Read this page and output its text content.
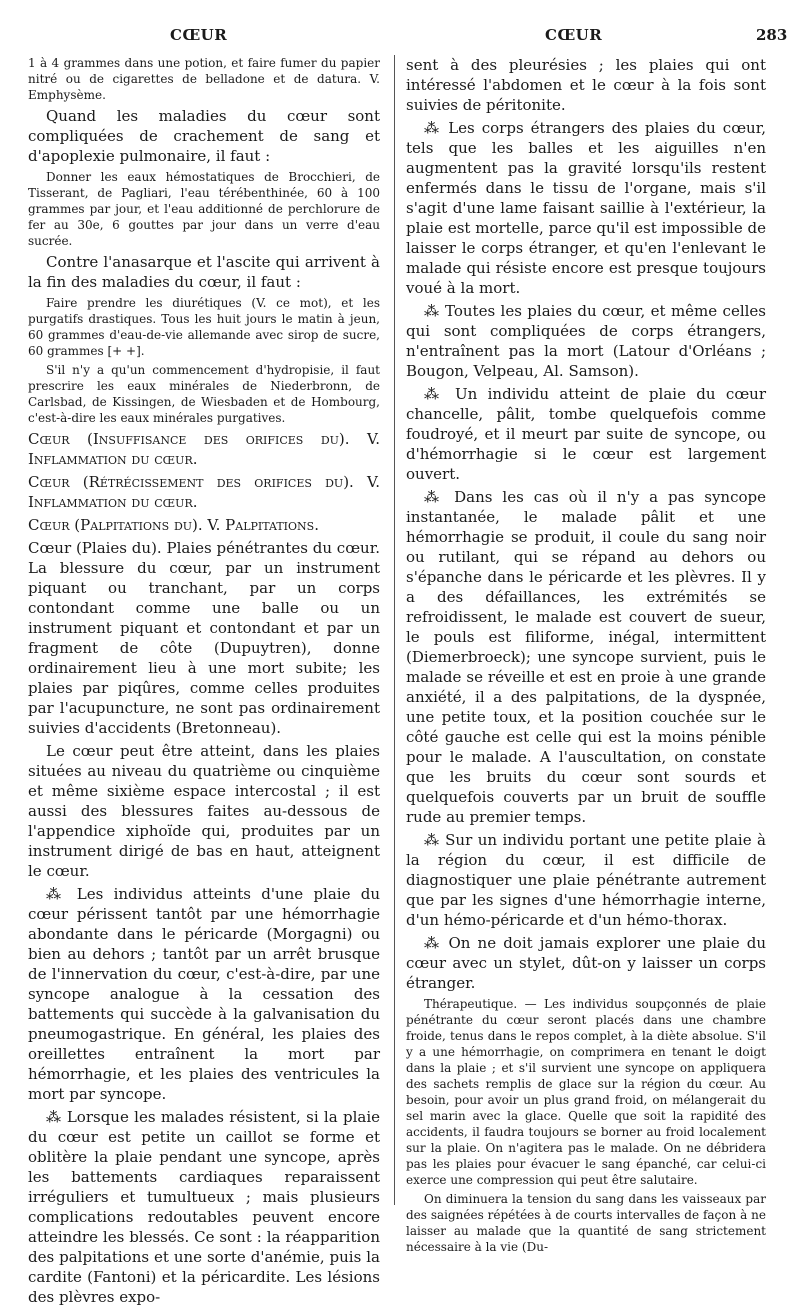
CŒUR	CŒUR	283

1 à 4 grammes dans une potion, et faire fumer du papier nitré ou de cigarettes de belladone et de datura. V. Emphysème.

Quand les maladies du cœur sont compliquées de crachement de sang et d'apoplexie pulmonaire, il faut :

Donner les eaux hémostatiques de Brocchieri, de Tisserant, de Pagliari, l'eau térébenthinée, 60 à 100 grammes par jour, et l'eau additionné de perchlorure de fer au 30e, 6 gouttes par jour dans un verre d'eau sucrée.

Contre l'anasarque et l'ascite qui arrivent à la fin des maladies du cœur, il faut :

Faire prendre les diurétiques (V. ce mot), et les purgatifs drastiques. Tous les huit jours le matin à jeun, 60 grammes d'eau-de-vie allemande avec sirop de sucre, 60 grammes [+ +].

S'il n'y a qu'un commencement d'hydropisie, il faut prescrire les eaux minérales de Niederbronn, de Carlsbad, de Kissingen, de Wiesbaden et de Hombourg, c'est-à-dire les eaux minérales purgatives.

Cœur (Insuffisance des orifices du). V. Inflammation du cœur.

Cœur (Rétrécissement des orifices du). V. Inflammation du cœur.

Cœur (Palpitations du). V. Palpitations.

Cœur (Plaies du). Plaies pénétrantes du cœur. La blessure du cœur, par un instrument piquant ou tranchant, par un corps contondant comme une balle ou un instrument piquant et contondant et par un fragment de côte (Dupuytren), donne ordinairement lieu à une mort subite; les plaies par piqûres, comme celles produites par l'acupuncture, ne sont pas ordinairement suivies d'accidents (Bretonneau).

Le cœur peut être atteint, dans les plaies situées au niveau du quatrième ou cinquième et même sixième espace intercostal ; il est aussi des blessures faites au-dessous de l'appendice xiphoïde qui, produites par un instrument dirigé de bas en haut, atteignent le cœur.

⁂ Les individus atteints d'une plaie du cœur périssent tantôt par une hémorrhagie abondante dans le péricarde (Morgagni) ou bien au dehors ; tantôt par un arrêt brusque de l'innervation du cœur, c'est-à-dire, par une syncope analogue à la cessation des battements qui succède à la galvanisation du pneumogastrique. En général, les plaies des oreillettes entraînent la mort par hémorrhagie, et les plaies des ventricules la mort par syncope.

⁂ Lorsque les malades résistent, si la plaie du cœur est petite un caillot se forme et oblitère la plaie pendant une syncope, après les battements cardiaques reparaissent irréguliers et tumultueux ; mais plusieurs complications redoutables peuvent encore atteindre les blessés. Ce sont : la réapparition des palpitations et une sorte d'anémie, puis la cardite (Fantoni) et la péricardite. Les lésions des plèvres expo-

sent à des pleurésies ; les plaies qui ont intéressé l'abdomen et le cœur à la fois sont suivies de péritonite.

⁂ Les corps étrangers des plaies du cœur, tels que les balles et les aiguilles n'en augmentent pas la gravité lorsqu'ils restent enfermés dans le tissu de l'organe, mais s'il s'agit d'une lame faisant saillie à l'extérieur, la plaie est mortelle, parce qu'il est impossible de laisser le corps étranger, et qu'en l'enlevant le malade qui résiste encore est presque toujours voué à la mort.

⁂ Toutes les plaies du cœur, et même celles qui sont compliquées de corps étrangers, n'entraînent pas la mort (Latour d'Orléans ; Bougon, Velpeau, Al. Samson).

⁂ Un individu atteint de plaie du cœur chancelle, pâlit, tombe quelquefois comme foudroyé, et il meurt par suite de syncope, ou d'hémorrhagie si le cœur est largement ouvert.

⁂ Dans les cas où il n'y a pas syncope instantanée, le malade pâlit et une hémorrhagie se produit, il coule du sang noir ou rutilant, qui se répand au dehors ou s'épanche dans le péricarde et les plèvres. Il y a des défaillances, les extrémités se refroidissent, le malade est couvert de sueur, le pouls est filiforme, inégal, intermittent (Diemerbroeck); une syncope survient, puis le malade se réveille et est en proie à une grande anxiété, il a des palpitations, de la dyspnée, une petite toux, et la position couchée sur le côté gauche est celle qui est la moins pénible pour le malade. A l'auscultation, on constate que les bruits du cœur sont sourds et quelquefois couverts par un bruit de souffle rude au premier temps.

⁂ Sur un individu portant une petite plaie à la région du cœur, il est difficile de diagnostiquer une plaie pénétrante autrement que par les signes d'une hémorrhagie interne, d'un hémo-péricarde et d'un hémo-thorax.

⁂ On ne doit jamais explorer une plaie du cœur avec un stylet, dût-on y laisser un corps étranger.

Thérapeutique. — Les individus soupçonnés de plaie pénétrante du cœur seront placés dans une chambre froide, tenus dans le repos complet, à la diète absolue. S'il y a une hémorrhagie, on comprimera en tenant le doigt dans la plaie ; et s'il survient une syncope on appliquera des sachets remplis de glace sur la région du cœur. Au besoin, pour avoir un plus grand froid, on mélangerait du sel marin avec la glace. Quelle que soit la rapidité des accidents, il faudra toujours se borner au froid localement sur la plaie. On n'agitera pas le malade. On ne débridera pas les plaies pour évacuer le sang épanché, car celui-ci exerce une compression qui peut être salutaire.

On diminuera la tension du sang dans les vaisseaux par des saignées répétées à de courts intervalles de façon à ne laisser au malade que la quantité de sang strictement nécessaire à la vie (Du-
